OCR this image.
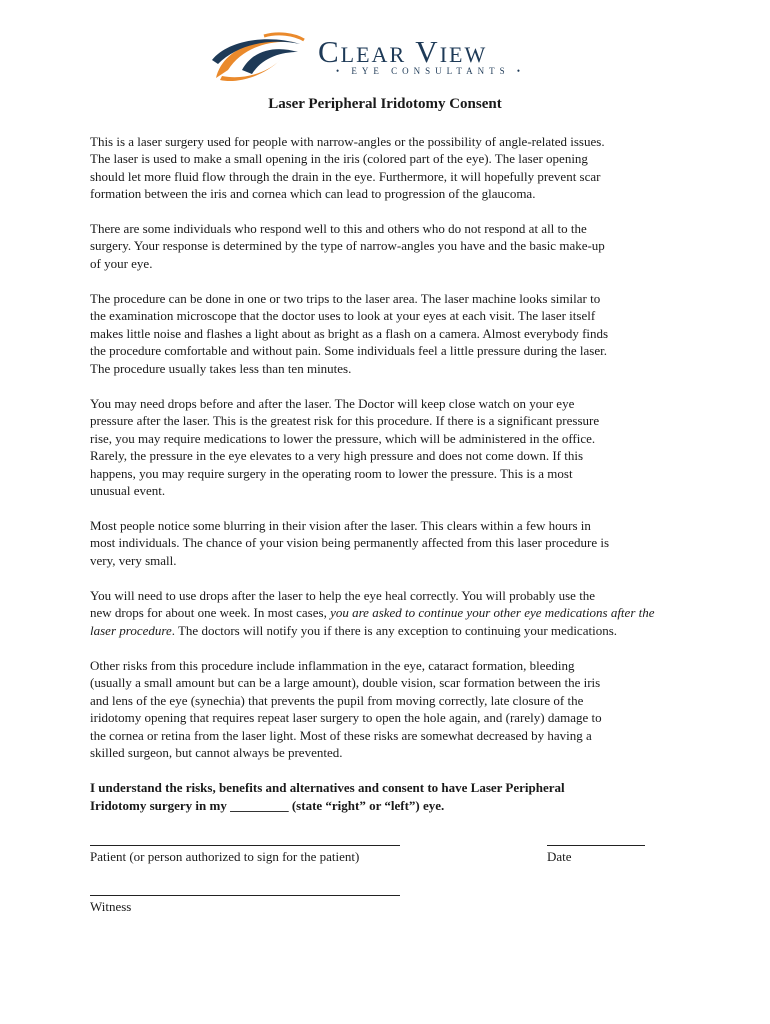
Clear View
• EYE CONSULTANTS •
Laser Peripheral Iridotomy Consent

This is a laser surgery used for people with narrow-angles or the possibility of angle-related issues.
The laser is used to make a small opening in the iris (colored part of the eye). The laser opening
should let more fluid flow through the drain in the eye. Furthermore, it will hopefully prevent scar
formation between the iris and cornea which can lead to progression of the glaucoma.

There are some individuals who respond well to this and others who do not respond at all to the
surgery. Your response is determined by the type of narrow-angles you have and the basic make-up
of your eye.

The procedure can be done in one or two trips to the laser area. The laser machine looks similar to
the examination microscope that the doctor uses to look at your eyes at each visit. The laser itself
makes little noise and flashes a light about as bright as a flash on a camera. Almost everybody finds
the procedure comfortable and without pain. Some individuals feel a little pressure during the laser.
The procedure usually takes less than ten minutes.

You may need drops before and after the laser. The Doctor will keep close watch on your eye
pressure after the laser. This is the greatest risk for this procedure. If there is a significant pressure
rise, you may require medications to lower the pressure, which will be administered in the office.
Rarely, the pressure in the eye elevates to a very high pressure and does not come down. If this
happens, you may require surgery in the operating room to lower the pressure. This is a most
unusual event.

Most people notice some blurring in their vision after the laser. This clears within a few hours in
most individuals. The chance of your vision being permanently affected from this laser procedure is
very, very small.

You will need to use drops after the laser to help the eye heal correctly. You will probably use the
new drops for about one week. In most cases, you are asked to continue your other eye medications after the
laser procedure. The doctors will notify you if there is any exception to continuing your medications.

Other risks from this procedure include inflammation in the eye, cataract formation, bleeding
(usually a small amount but can be a large amount), double vision, scar formation between the iris
and lens of the eye (synechia) that prevents the pupil from moving correctly, late closure of the
iridotomy opening that requires repeat laser surgery to open the hole again, and (rarely) damage to
the cornea or retina from the laser light. Most of these risks are somewhat decreased by having a
skilled surgeon, but cannot always be prevented.

I understand the risks, benefits and alternatives and consent to have Laser Peripheral
Iridotomy surgery in my _________ (state “right” or “left”) eye.

Patient (or person authorized to sign for the patient)	Date
Witness
